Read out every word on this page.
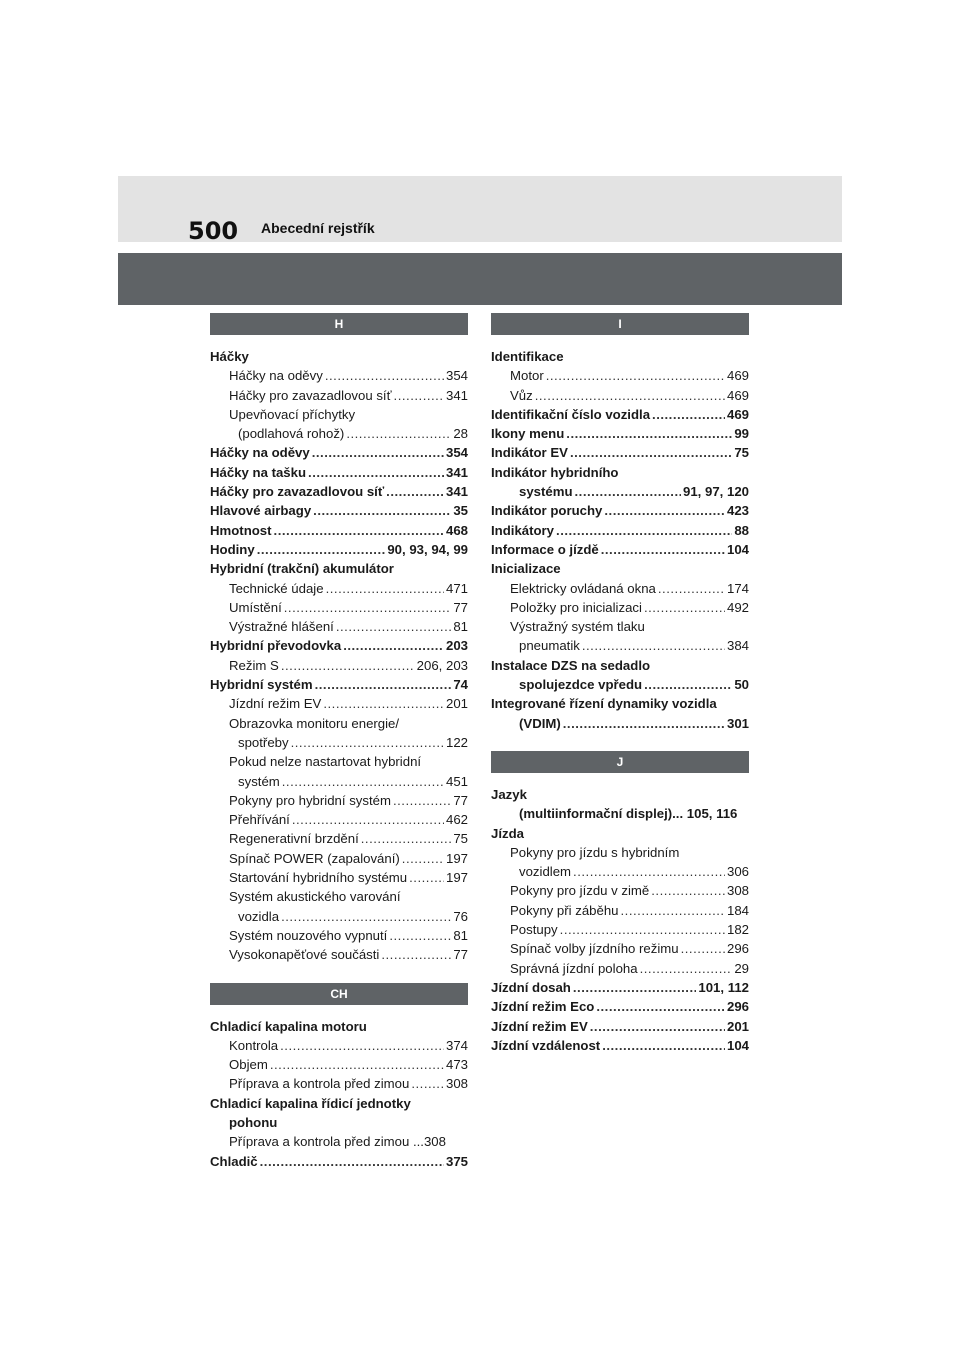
500 Abecední rejstřík
H
Háčky
Háčky na oděvy .....	354
Háčky pro zavazadlovou síť .....	341
Upevňovací příchytky
(podlahová rohož) .....	28
Háčky na oděvy .....	354
Háčky na tašku .....	341
Háčky pro zavazadlovou síť .....	341
Hlavové airbagy .....	35
Hmotnost .....	468
Hodiny .....	90, 93, 94, 99
Hybridní (trakční) akumulátor
Technické údaje .....	471
Umístění .....	77
Výstražné hlášení .....	81
Hybridní převodovka .....	203
Režim S .....	206, 203
Hybridní systém .....	74
Jízdní režim EV .....	201
Obrazovka monitoru energie/
spotřeby .....	122
Pokud nelze nastartovat hybridní
systém .....	451
Pokyny pro hybridní systém .....	77
Přehřívání .....	462
Regenerativní brzdění .....	75
Spínač POWER (zapalování) .....	197
Startování hybridního systému .....	197
Systém akustického varování
vozidla .....	76
Systém nouzového vypnutí .....	81
Vysokonapěťové součásti .....	77
CH
Chladicí kapalina motoru
Kontrola .....	374
Objem .....	473
Příprava a kontrola před zimou .....	308
Chladicí kapalina řídicí jednotky
pohonu
Příprava a kontrola před zimou ...308
Chladič .....	375
I
Identifikace
Motor .....	469
Vůz .....	469
Identifikační číslo vozidla .....	469
Ikony menu .....	99
Indikátor EV .....	75
Indikátor hybridního
systému .....	91, 97, 120
Indikátor poruchy .....	423
Indikátory .....	88
Informace o jízdě .....	104
Inicializace
Elektricky ovládaná okna .....	174
Položky pro inicializaci .....	492
Výstražný systém tlaku
pneumatik .....	384
Instalace DZS na sedadlo
spolujezdce vpředu .....	50
Integrované řízení dynamiky vozidla
(VDIM) .....	301
J
Jazyk
(multiinformační displej)... 105, 116
Jízda
Pokyny pro jízdu s hybridním
vozidlem .....	306
Pokyny pro jízdu v zimě .....	308
Pokyny při záběhu .....	184
Postupy .....	182
Spínač volby jízdního režimu .....	296
Správná jízdní poloha .....	29
Jízdní dosah .....	101, 112
Jízdní režim Eco .....	296
Jízdní režim EV .....	201
Jízdní vzdálenost .....	104
